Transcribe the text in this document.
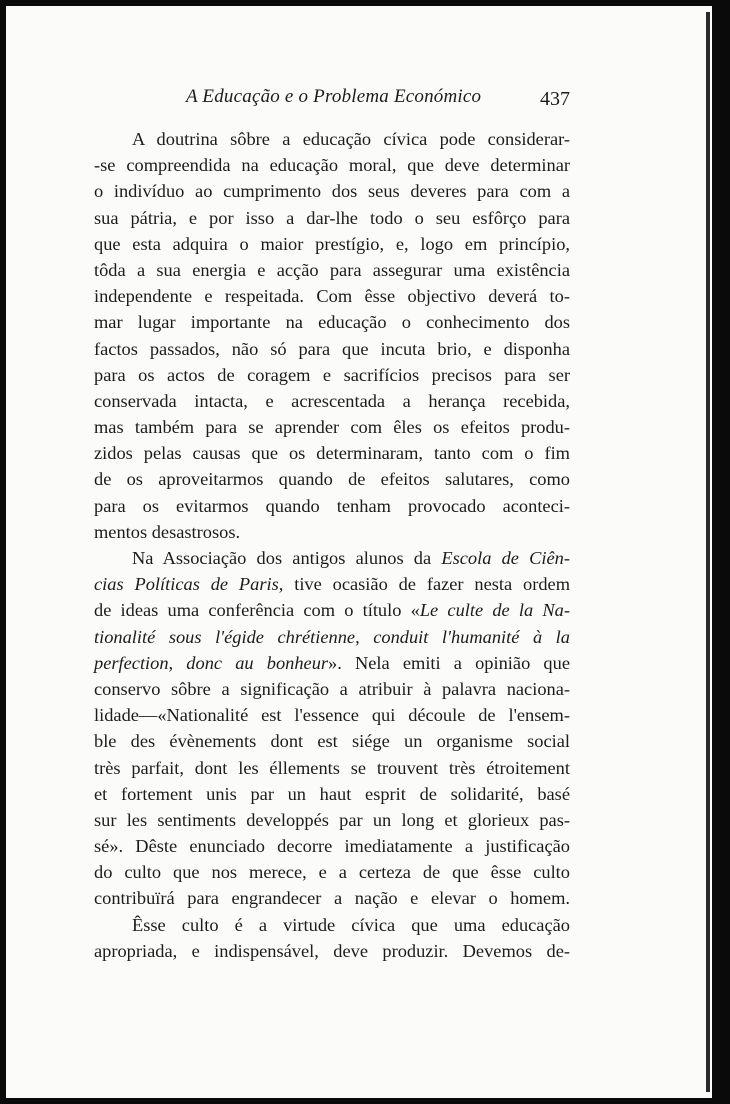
A Educação e o Problema Económico	437

A doutrina sôbre a educação cívica pode considerar-
-se compreendida na educação moral, que deve determinar
o indivíduo ao cumprimento dos seus deveres para com a
sua pátria, e por isso a dar-lhe todo o seu esfôrço para
que esta adquira o maior prestígio, e, logo em princípio,
tôda a sua energia e acção para assegurar uma existência
independente e respeitada. Com êsse objectivo deverá to-
mar lugar importante na educação o conhecimento dos
factos passados, não só para que incuta brio, e disponha
para os actos de coragem e sacrifícios precisos para ser
conservada intacta, e acrescentada a herança recebida,
mas também para se aprender com êles os efeitos produ-
zidos pelas causas que os determinaram, tanto com o fim
de os aproveitarmos quando de efeitos salutares, como
para os evitarmos quando tenham provocado aconteci-
mentos desastrosos.

Na Associação dos antigos alunos da Escola de Ciên-
cias Políticas de Paris, tive ocasião de fazer nesta ordem
de ideas uma conferência com o título «Le culte de la Na-
tionalité sous l'égide chrétienne, conduit l'humanité à la
perfection, donc au bonheur». Nela emiti a opinião que
conservo sôbre a significação a atribuir à palavra naciona-
lidade—«Nationalité est l'essence qui découle de l'ensem-
ble des évènements dont est siége un organisme social
très parfait, dont les éllements se trouvent très étroitement
et fortement unis par un haut esprit de solidarité, basé
sur les sentiments developpés par un long et glorieux pas-
sé». Dêste enunciado decorre imediatamente a justificação
do culto que nos merece, e a certeza de que êsse culto
contribuïrá para engrandecer a nação e elevar o homem.

Êsse culto é a virtude cívica que uma educação
apropriada, e indispensável, deve produzir. Devemos de-
